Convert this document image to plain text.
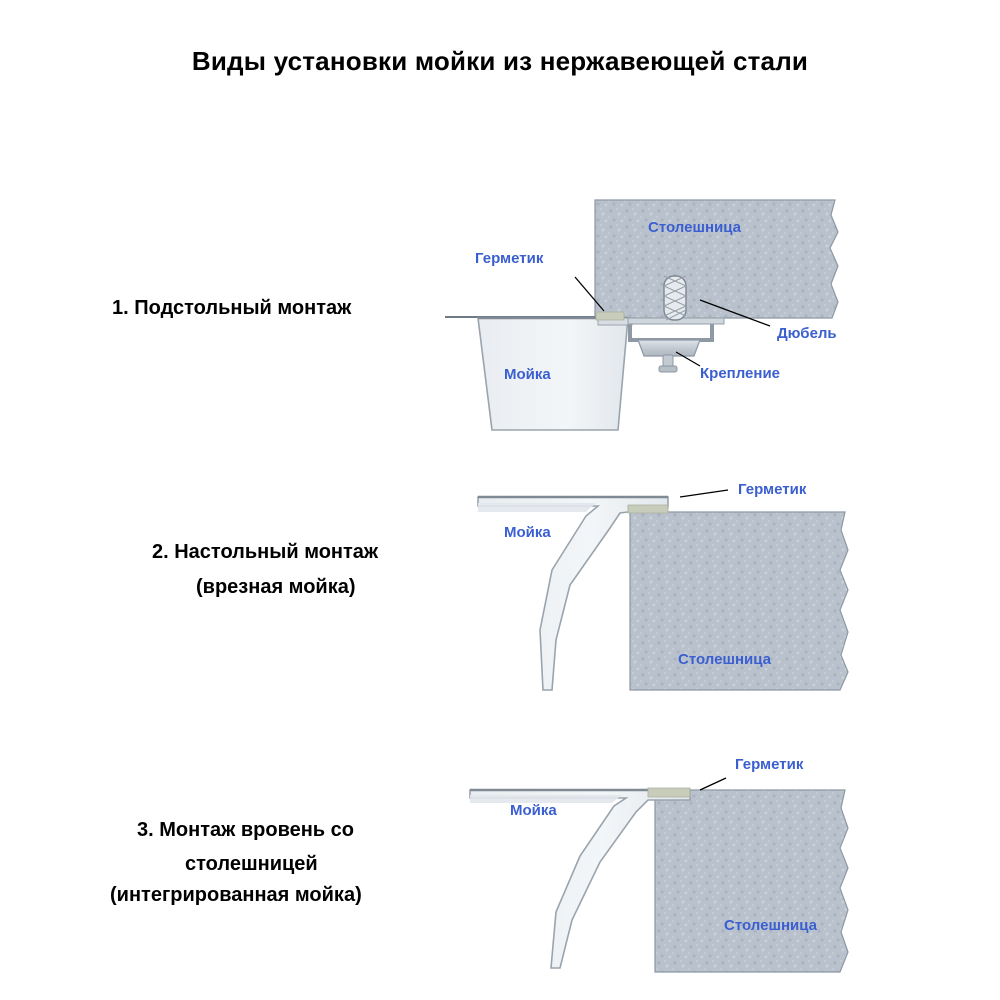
Виды установки мойки из нержавеющей стали
1. Подстольный монтаж
Герметик
Столешница
Дюбель
Крепление
Мойка
2. Настольный монтаж
(врезная мойка)
Герметик
Мойка
Столешница
3. Монтаж вровень со
столешницей
(интегрированная мойка)
Герметик
Мойка
Столешница
